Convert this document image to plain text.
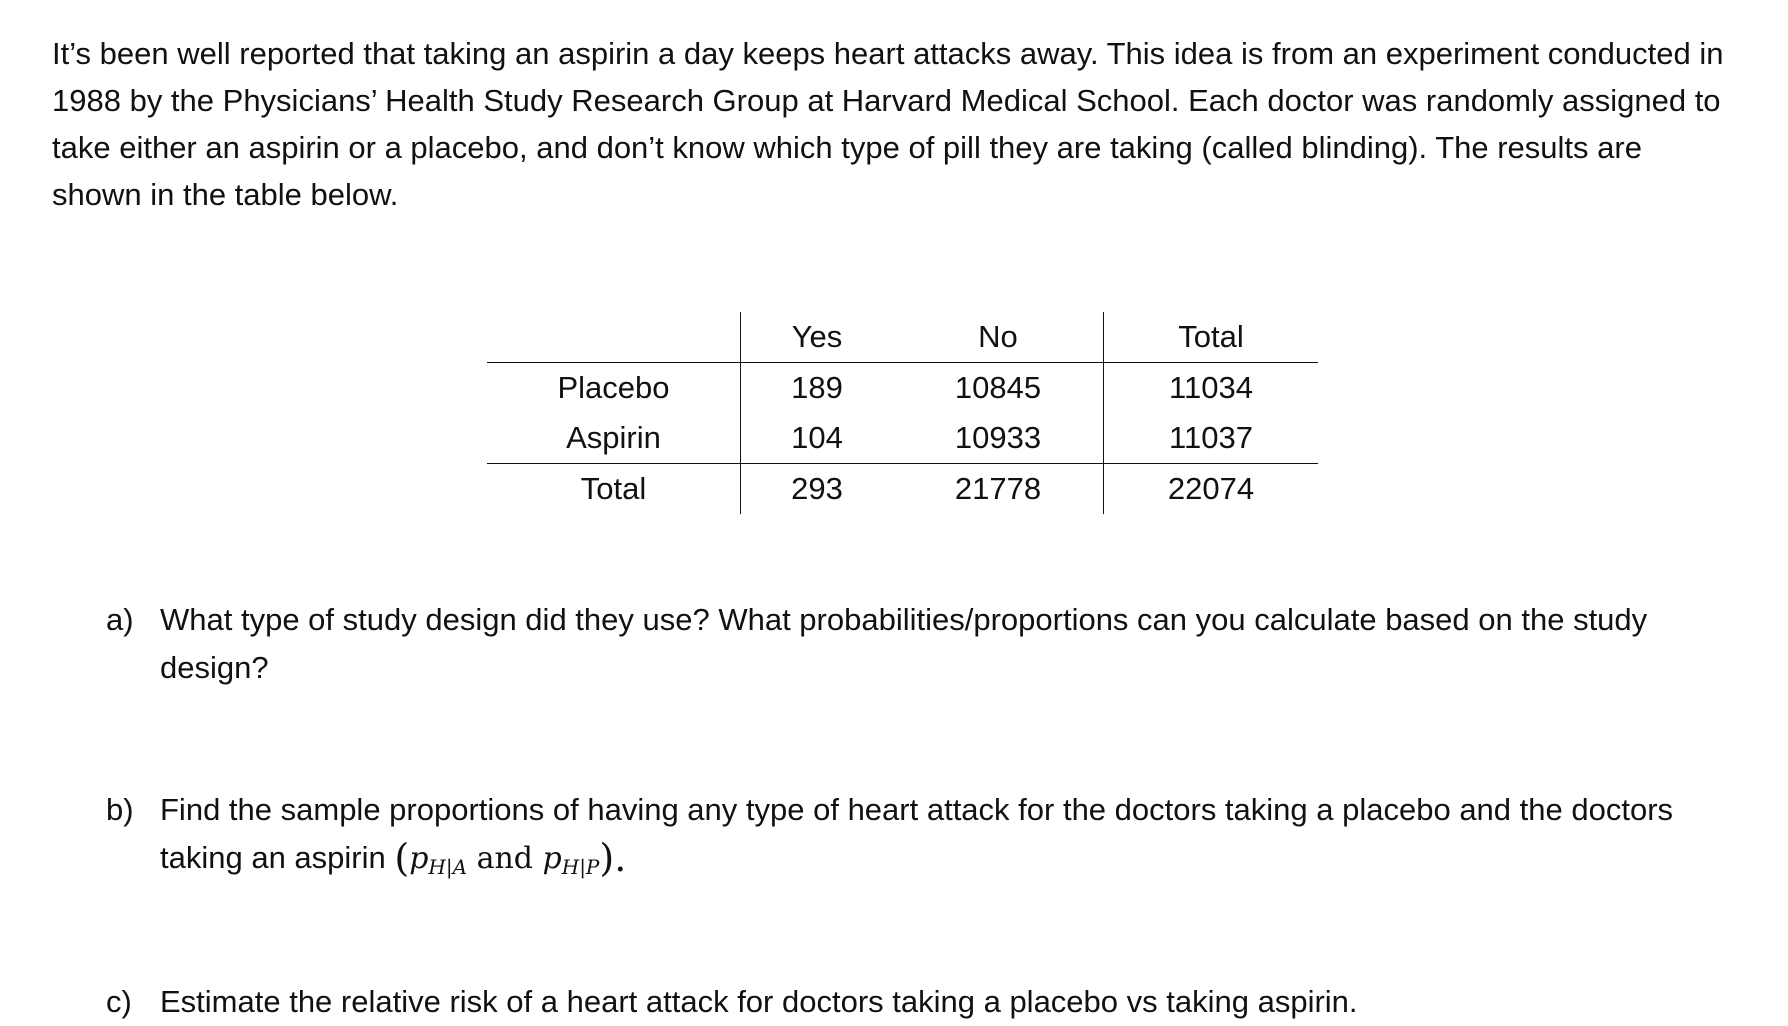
It’s been well reported that taking an aspirin a day keeps heart attacks away. This idea is from an experiment conducted in 1988 by the Physicians’ Health Study Research Group at Harvard Medical School. Each doctor was randomly assigned to take either an aspirin or a placebo, and don’t know which type of pill they are taking (called blinding). The results are shown in the table below.

	Yes	No	Total
Placebo	189	10845	11034
Aspirin	104	10933	11037
Total	293	21778	22074
a) What type of study design did they use? What probabilities/proportions can you calculate based on the study design?
b) Find the sample proportions of having any type of heart attack for the doctors taking a placebo and the doctors taking an aspirin ($p_{H|A}$ and $p_{H|P}$).
c) Estimate the relative risk of a heart attack for doctors taking a placebo vs taking aspirin.
